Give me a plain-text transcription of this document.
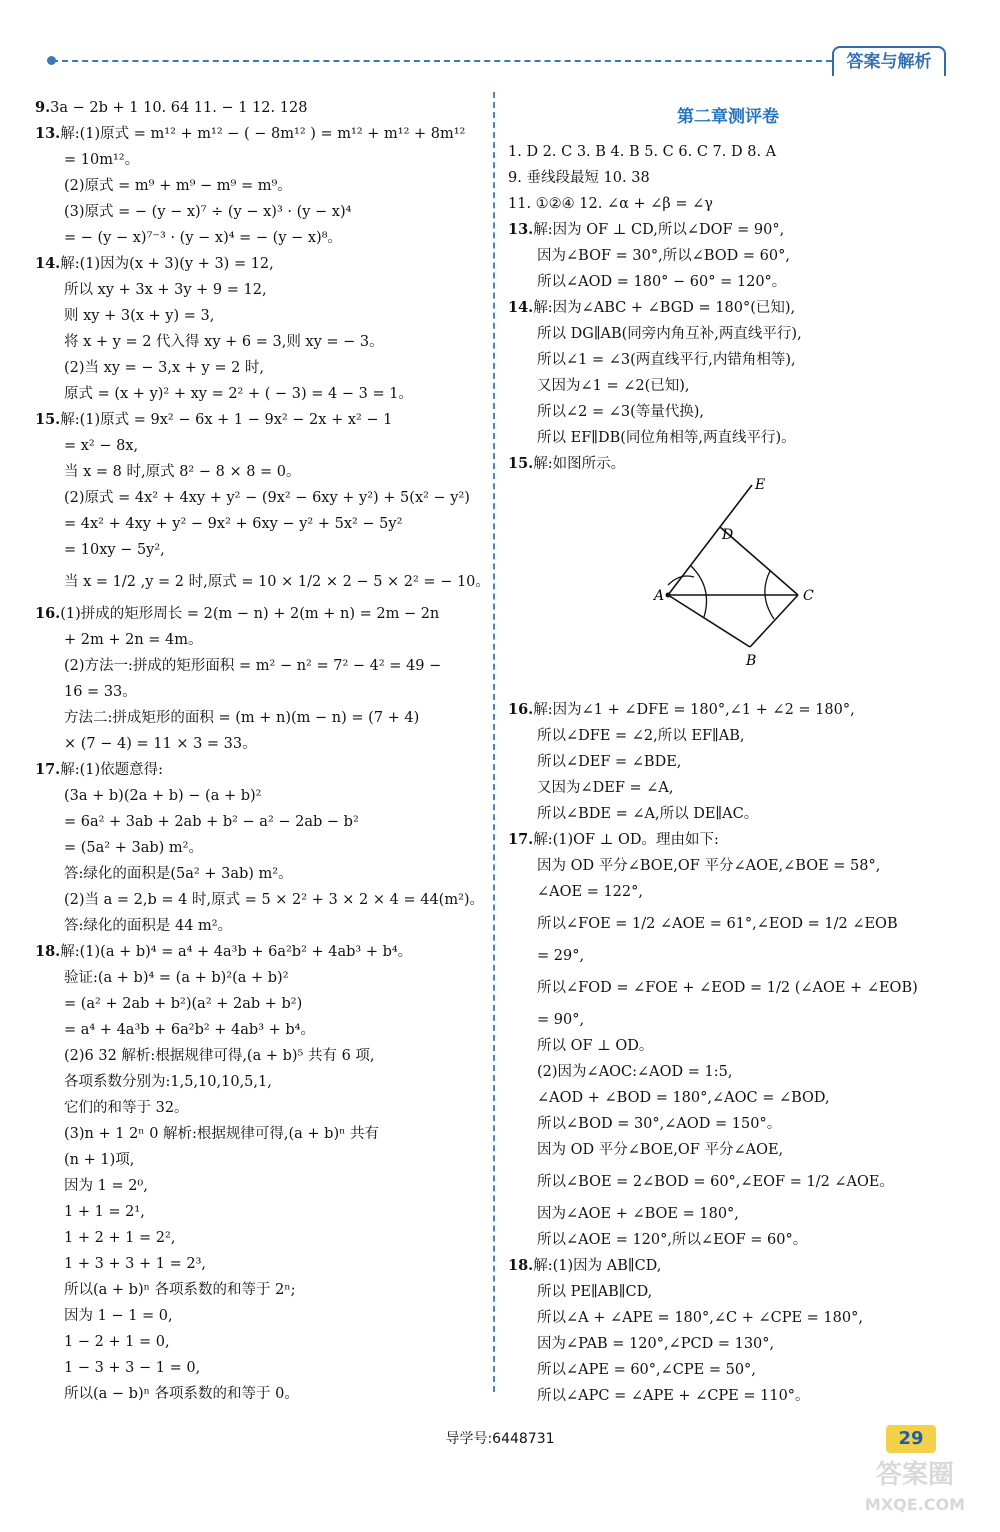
答案与解析
9.3a − 2b + 1 10. 64 11. − 1 12. 128
13.解:(1)原式 = m¹² + m¹² − ( − 8m¹² ) = m¹² + m¹² + 8m¹²
= 10m¹²。
(2)原式 = m⁹ + m⁹ − m⁹ = m⁹。
(3)原式 = − (y − x)⁷ ÷ (y − x)³ · (y − x)⁴
= − (y − x)⁷⁻³ · (y − x)⁴ = − (y − x)⁸。
14.解:(1)因为(x + 3)(y + 3) = 12,
所以 xy + 3x + 3y + 9 = 12,
则 xy + 3(x + y) = 3,
将 x + y = 2 代入得 xy + 6 = 3,则 xy = − 3。
(2)当 xy = − 3,x + y = 2 时,
原式 = (x + y)² + xy = 2² + ( − 3) = 4 − 3 = 1。
15.解:(1)原式 = 9x² − 6x + 1 − 9x² − 2x + x² − 1
= x² − 8x,
当 x = 8 时,原式 8² − 8 × 8 = 0。
(2)原式 = 4x² + 4xy + y² − (9x² − 6xy + y²) + 5(x² − y²)
= 4x² + 4xy + y² − 9x² + 6xy − y² + 5x² − 5y²
= 10xy − 5y²,
当 x = 1/2 ,y = 2 时,原式 = 10 × 1/2 × 2 − 5 × 2² = − 10。
16.(1)拼成的矩形周长 = 2(m − n) + 2(m + n) = 2m − 2n
+ 2m + 2n = 4m。
(2)方法一:拼成的矩形面积 = m² − n² = 7² − 4² = 49 −
16 = 33。
方法二:拼成矩形的面积 = (m + n)(m − n) = (7 + 4)
× (7 − 4) = 11 × 3 = 33。
17.解:(1)依题意得:
(3a + b)(2a + b) − (a + b)²
= 6a² + 3ab + 2ab + b² − a² − 2ab − b²
= (5a² + 3ab) m²。
答:绿化的面积是(5a² + 3ab) m²。
(2)当 a = 2,b = 4 时,原式 = 5 × 2² + 3 × 2 × 4 = 44(m²)。
答:绿化的面积是 44 m²。
18.解:(1)(a + b)⁴ = a⁴ + 4a³b + 6a²b² + 4ab³ + b⁴。
验证:(a + b)⁴ = (a + b)²(a + b)²
= (a² + 2ab + b²)(a² + 2ab + b²)
= a⁴ + 4a³b + 6a²b² + 4ab³ + b⁴。
(2)6 32 解析:根据规律可得,(a + b)⁵ 共有 6 项,
各项系数分别为:1,5,10,10,5,1,
它们的和等于 32。
(3)n + 1 2ⁿ 0 解析:根据规律可得,(a + b)ⁿ 共有
(n + 1)项,
因为 1 = 2⁰,
1 + 1 = 2¹,
1 + 2 + 1 = 2²,
1 + 3 + 3 + 1 = 2³,
所以(a + b)ⁿ 各项系数的和等于 2ⁿ;
因为 1 − 1 = 0,
1 − 2 + 1 = 0,
1 − 3 + 3 − 1 = 0,
所以(a − b)ⁿ 各项系数的和等于 0。
第二章测评卷
1. D 2. C 3. B 4. B 5. C 6. C 7. D 8. A
9. 垂线段最短 10. 38
11. ①②④ 12. ∠α + ∠β = ∠γ
13.解:因为 OF ⊥ CD,所以∠DOF = 90°,
因为∠BOF = 30°,所以∠BOD = 60°,
所以∠AOD = 180° − 60° = 120°。
14.解:因为∠ABC + ∠BGD = 180°(已知),
所以 DG∥AB(同旁内角互补,两直线平行),
所以∠1 = ∠3(两直线平行,内错角相等),
又因为∠1 = ∠2(已知),
所以∠2 = ∠3(等量代换),
所以 EF∥DB(同位角相等,两直线平行)。
15.解:如图所示。
E
D
A	C
B
16.解:因为∠1 + ∠DFE = 180°,∠1 + ∠2 = 180°,
所以∠DFE = ∠2,所以 EF∥AB,
所以∠DEF = ∠BDE,
又因为∠DEF = ∠A,
所以∠BDE = ∠A,所以 DE∥AC。
17.解:(1)OF ⊥ OD。理由如下:
因为 OD 平分∠BOE,OF 平分∠AOE,∠BOE = 58°,
∠AOE = 122°,
所以∠FOE = 1/2 ∠AOE = 61°,∠EOD = 1/2 ∠EOB
= 29°,
所以∠FOD = ∠FOE + ∠EOD = 1/2 (∠AOE + ∠EOB)
= 90°,
所以 OF ⊥ OD。
(2)因为∠AOC:∠AOD = 1:5,
∠AOD + ∠BOD = 180°,∠AOC = ∠BOD,
所以∠BOD = 30°,∠AOD = 150°。
因为 OD 平分∠BOE,OF 平分∠AOE,
所以∠BOE = 2∠BOD = 60°,∠EOF = 1/2 ∠AOE。
因为∠AOE + ∠BOE = 180°,
所以∠AOE = 120°,所以∠EOF = 60°。
18.解:(1)因为 AB∥CD,
所以 PE∥AB∥CD,
所以∠A + ∠APE = 180°,∠C + ∠CPE = 180°,
因为∠PAB = 120°,∠PCD = 130°,
所以∠APE = 60°,∠CPE = 50°,
所以∠APC = ∠APE + ∠CPE = 110°。
导学号:6448731	29
答案圈
MXQE.COM
